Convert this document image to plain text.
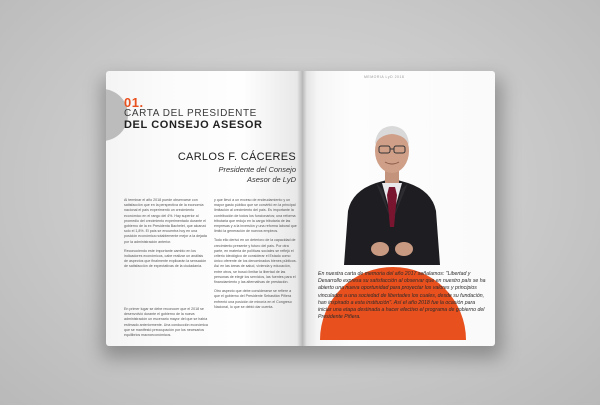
01.
CARTA DEL PRESIDENTE
DEL CONSEJO ASESOR
CARLOS F. CÁCERES
Presidente del Consejo
Asesor de LyD

Al terminar el año 2018 puede observarse con satisfacción que en la perspectiva de la economía nacional el país experimentó un crecimiento económico en el rango del 4%. Hay superior al promedio del crecimiento experimentado durante el gobierno de la ex Presidenta Bachelet, que alcanzó solo el 1,8%. El país se encuentra hoy en una posición económica notablemente mejor a la dejada por la administración anterior.

Reconociendo este importante cambio en los indicadores económicos, cabe realizar un análisis de aspectos que finalmente explicarán la sensación de satisfacción de expectativas de la ciudadanía.

En primer lugar se debe reconocer que el 2018 se desenvolvió durante el gobierno de la nueva administración un escenario mayor del que se había estimado anteriormente. Una conducción económica que se manifestó preocupación por los necesarios equilibrios macroeconómicos.

y que llevó a un exceso de endeudamiento y un mayor gasto público que se convirtió en la principal limitación al crecimiento del país. Es importante la contribución de todos los funcionarios; una reforma tributaria que redujo en la carga tributaria de las empresas y a la inversión y una reforma laboral que limitó la generación de nuevos empleos.

Todo ello derivó en un deterioro de la capacidad de crecimiento presente y futuro del país. Por otra parte, en materia de políticas sociales se reflejó el criterio ideológico de considerar el Estado como único oferente de los denominados bienes públicos. Así en las áreas de salud, vivienda y educación, entre otros, se buscó limitar la libertad de las personas de elegir los servicios, las fuentes para el financiamiento y las alternativas de prestación.

Otro aspecto que debe considerarse se refiere a que el gobierno del Presidente Sebastián Piñera enfrentó una posición de minoría en el Congreso Nacional, lo que se debió dar cuenta.

MEMORIA LyD 2018
En nuestra carta de memoria del año 2017 señalamos: "Libertad y Desarrollo expresa su satisfacción al observar que en nuestro país se ha abierto una nueva oportunidad para proyectar los valores y principios vinculados a una sociedad de libertades los cuales, desde su fundación, han inspirado a esta institución". Así el año 2018 fue la ocasión para iniciar una etapa destinada a hacer efectivo el programa de gobierno del Presidente Piñera.
